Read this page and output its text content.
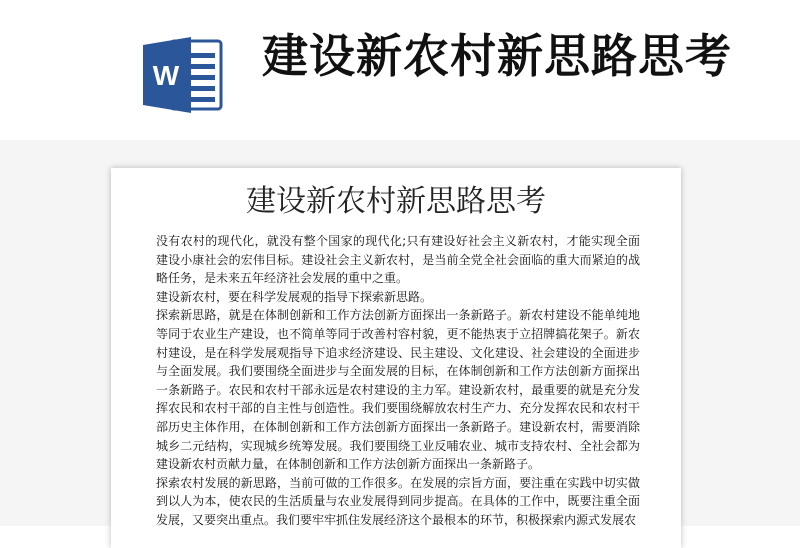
W 建设新农村新思路思考
建设新农村新思路思考

没有农村的现代化，就没有整个国家的现代化;只有建设好社会主义新农村，才能实现全面建设小康社会的宏伟目标。建设社会主义新农村，是当前全党全社会面临的重大而紧迫的战略任务，是未来五年经济社会发展的重中之重。

建设新农村，要在科学发展观的指导下探索新思路。

探索新思路，就是在体制创新和工作方法创新方面探出一条新路子。新农村建设不能单纯地等同于农业生产建设，也不简单等同于改善村容村貌，更不能热衷于立招牌搞花架子。新农村建设，是在科学发展观指导下追求经济建设、民主建设、文化建设、社会建设的全面进步与全面发展。我们要围绕全面进步与全面发展的目标，在体制创新和工作方法创新方面探出一条新路子。农民和农村干部永远是农村建设的主力军。建设新农村，最重要的就是充分发挥农民和农村干部的自主性与创造性。我们要围绕解放农村生产力、充分发挥农民和农村干部历史主体作用，在体制创新和工作方法创新方面探出一条新路子。建设新农村，需要消除城乡二元结构，实现城乡统筹发展。我们要围绕工业反哺农业、城市支持农村、全社会都为建设新农村贡献力量，在体制创新和工作方法创新方面探出一条新路子。

探索农村发展的新思路，当前可做的工作很多。在发展的宗旨方面，要注重在实践中切实做到以人为本，使农民的生活质量与农业发展得到同步提高。在具体的工作中，既要注重全面发展，又要突出重点。我们要牢牢抓住发展经济这个最根本的环节，积极探索内源式发展农
